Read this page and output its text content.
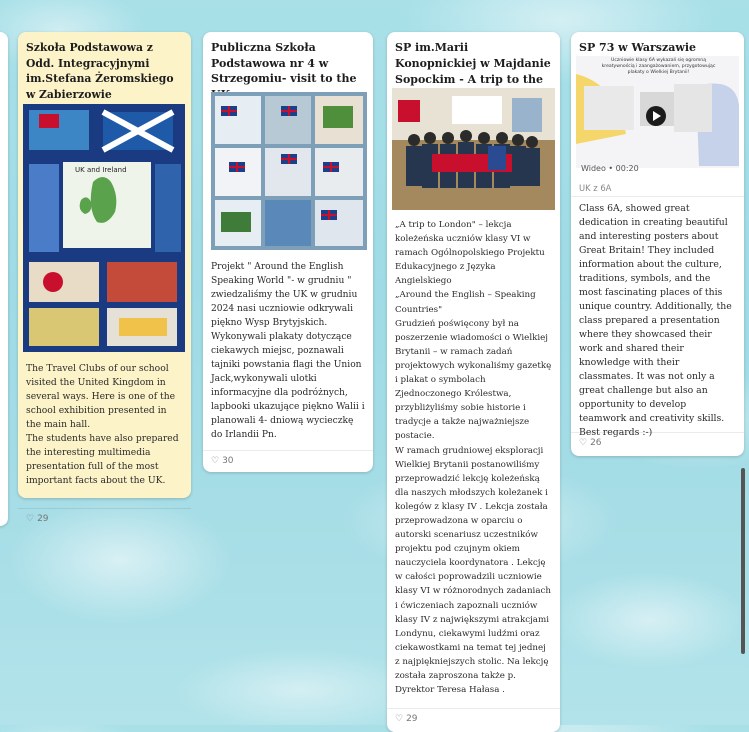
Szkoła Podstawowa z Odd. Integracyjnymi im.Stefana Żeromskiego w Zabierzowie
UK and Ireland
The Travel Clubs of our school visited the United Kingdom in several ways. Here is one of the school exhibition presented in the main hall.
The students have also prepared the interesting multimedia presentation full of the most important facts about the UK.
♡ 29
Publiczna Szkoła Podstawowa nr 4 w Strzegomiu- visit to the
Projekt " Around the English Speaking World "- w grudniu " zwiedzaliśmy the UK w grudniu 2024 nasi uczniowie odkrywali piękno Wysp Brytyjskich. Wykonywali plakaty dotyczące ciekawych miejsc, poznawali tajniki powstania flagi the Union Jack,wykonywali ulotki informacyjne dla podróżnych, lapbooki ukazujące piękno Walii i planowali 4- dniową wycieczkę do Irlandii Pn.
♡ 30
SP im.Marii Konopnickiej w Majdanie Sopockim - A trip to the
„A trip to London" – lekcja koleżeńska uczniów klasy VI w ramach Ogólnopolskiego Projektu Edukacyjnego z Języka Angielskiego
„Around the English – Speaking Countries"
Grudzień poświęcony był na poszerzenie wiadomości o Wielkiej Brytanii – w ramach zadań projektowych wykonaliśmy gazetkę i plakat o symbolach Zjednoczonego Królestwa, przybliżyliśmy sobie historie i tradycje a także najważniejsze postacie.
W ramach grudniowej eksploracji Wielkiej Brytanii postanowiliśmy przeprowadzić lekcję koleżeńską dla naszych młodszych koleżanek i kolegów z klasy IV . Lekcja została przeprowadzona w oparciu o autorski scenariusz uczestników projektu pod czujnym okiem nauczyciela koordynatora . Lekcję w całości poprowadzili uczniowie klasy VI w różnorodnych zadaniach i ćwiczeniach zapoznali uczniów klasy IV z największymi atrakcjami Londynu, ciekawymi ludźmi oraz ciekawostkami na temat tej jednej z najpiękniejszych stolic. Na lekcję została zaproszona także p. Dyrektor Teresa Hałasa .
♡ 29
SP 73 w Warszawie
Uczniowie klasy 6A wykazali się ogromną kreatywnością i zaangażowaniem, przygotowując plakaty o Wielkiej Brytanii!
Wideo • 00:20
UK z 6A
Class 6A, showed great dedication in creating beautiful and interesting posters about Great Britain! They included information about the culture, traditions, symbols, and the most fascinating places of this unique country. Additionally, the class prepared a presentation where they showcased their work and shared their knowledge with their classmates. It was not only a great challenge but also an opportunity to develop teamwork and creativity skills.
Best regards :-)
♡ 26
